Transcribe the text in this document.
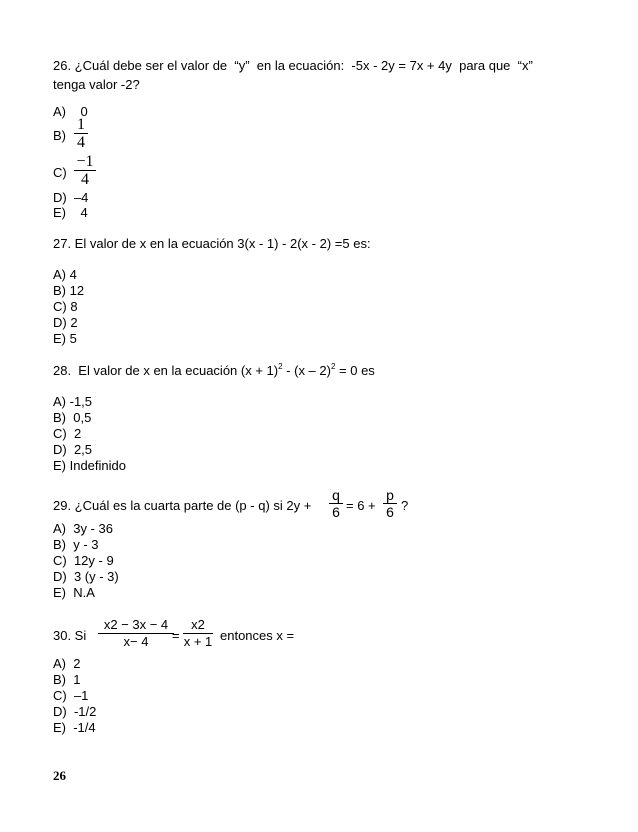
26. ¿Cuál debe ser el valor de  “y”  en la ecuación:  -5x - 2y = 7x + 4y  para que  “x”
tenga valor -2?
A)    0
B)
1
4
C)
−1
4
D)  –4
E)    4
27. El valor de x en la ecuación 3(x - 1) - 2(x - 2) =5 es:
A) 4
B) 12
C) 8
D) 2
E) 5
28.  El valor de x en la ecuación $(x + 1)^2 - (x - 2)^2 = 0$ es
A) -1,5
B)  0,5
C)  2
D)  2,5
E) Indefinido
29. ¿Cuál es la cuarta parte de (p - q) si 2y +
q
6 = 6 +
p
6 ?
A)  3y - 36
B)  y - 3
C)  12y - 9
D)  3 (y - 3)
E)  N.A
30. Si
x2 − 3x − 4
x− 4	=
x2
x + 1 entonces x =
A)  2
B)  1
C)  –1
D)  -1/2
E)  -1/4
26
